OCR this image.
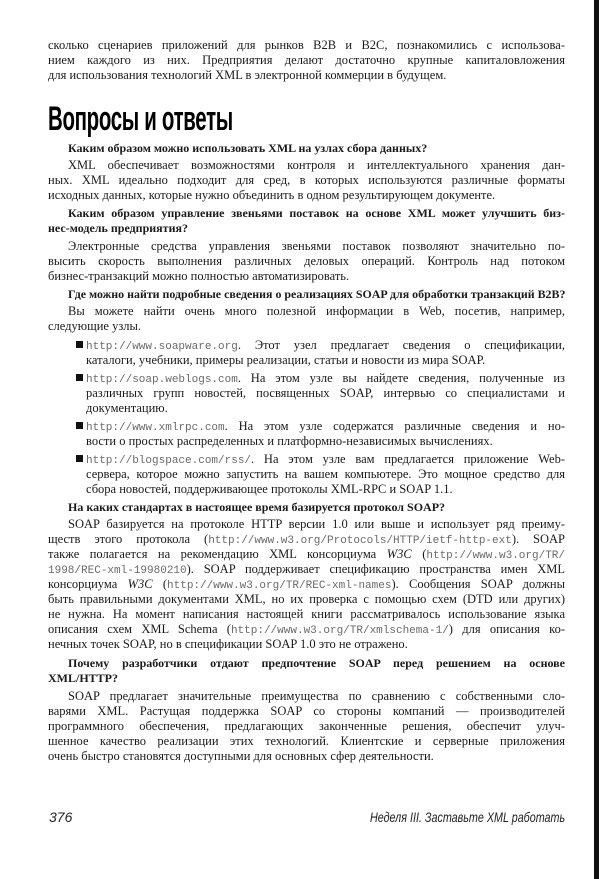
Вопросы и ответы
376	Неделя III. Заставьте XML работать
сколько сценариев приложений для рынков B2B и B2C, познакомились с использова-
нием каждого из них. Предприятия делают достаточно крупные капиталовложения
для использования технологий XML в электронной коммерции в будущем.
Каким образом можно использовать XML на узлах сбора данных?
XML обеспечивает возможностями контроля и интеллектуального хранения дан-
ных. XML идеально подходит для сред, в которых используются различные форматы
исходных данных, которые нужно объединить в одном результирующем документе.
Каким образом управление звеньями поставок на основе XML может улучшить биз-
нес-модель предприятия?
Электронные средства управления звеньями поставок позволяют значительно по-
высить скорость выполнения различных деловых операций. Контроль над потоком
бизнес-транзакций можно полностью автоматизировать.
Где можно найти подробные сведения о реализациях SOAP для обработки транзакций B2B?
Вы можете найти очень много полезной информации в Web, посетив, например,
следующие узлы.
http://www.soapware.org. Этот узел предлагает сведения о спецификации,
каталоги, учебники, примеры реализации, статьи и новости из мира SOAP.
http://soap.weblogs.com. На этом узле вы найдете сведения, полученные из
различных групп новостей, посвященных SOAP, интервью со специалистами и
документацию.
http://www.xmlrpc.com. На этом узле содержатся различные сведения и но-
вости о простых распределенных и платформно-независимых вычислениях.
http://blogspace.com/rss/. На этом узле вам предлагается приложение Web-
сервера, которое можно запустить на вашем компьютере. Это мощное средство для
сбора новостей, поддерживающее протоколы XML-RPC и SOAP 1.1.
На каких стандартах в настоящее время базируется протокол SOAP?
SOAP базируется на протоколе HTTP версии 1.0 или выше и использует ряд преиму-
ществ этого протокола (http://www.w3.org/Protocols/HTTP/ietf-http-ext). SOAP
также полагается на рекомендацию XML консорциума W3C (http://www.w3.org/TR/
1998/REC-xml-19980210). SOAP поддерживает спецификацию пространства имен XML
консорциума W3C (http://www.w3.org/TR/REC-xml-names). Сообщения SOAP должны
быть правильными документами XML, но их проверка с помощью схем (DTD или других)
не нужна. На момент написания настоящей книги рассматривалось использование языка
описания схем XML Schema (http://www.w3.org/TR/xmlschema-1/) для описания ко-
нечных точек SOAP, но в спецификации SOAP 1.0 это не отражено.
Почему разработчики отдают предпочтение SOAP перед решением на основе
XML/HTTP?
SOAP предлагает значительные преимущества по сравнению с собственными сло-
варями XML. Растущая поддержка SOAP со стороны компаний — производителей
программного обеспечения, предлагающих законченные решения, обеспечит улуч-
шенное качество реализации этих технологий. Клиентские и серверные приложения
очень быстро становятся доступными для основных сфер деятельности.
